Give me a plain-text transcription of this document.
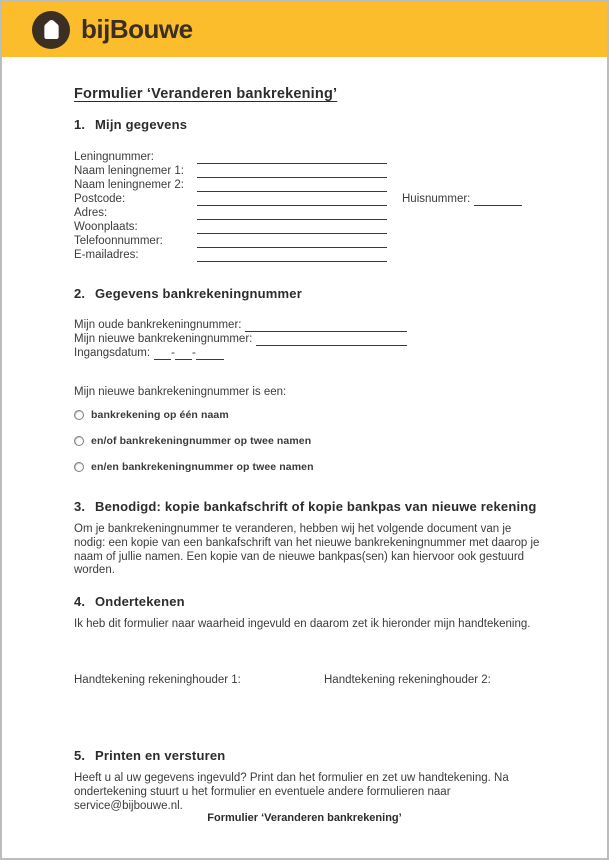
bijBouwe
Formulier ‘Veranderen bankrekening’
1. Mijn gegevens
Leningnummer:
Naam leningnemer 1:
Naam leningnemer 2:
Postcode:	Huisnummer:
Adres:
Woonplaats:
Telefoonnummer:
E-mailadres:
2. Gegevens bankrekeningnummer
Mijn oude bankrekeningnummer:
Mijn nieuwe bankrekeningnummer:
Ingangsdatum:	- -
Mijn nieuwe bankrekeningnummer is een:
bankrekening op één naam
en/of bankrekeningnummer op twee namen
en/en bankrekeningnummer op twee namen
3. Benodigd: kopie bankafschrift of kopie bankpas van nieuwe rekening

Om je bankrekeningnummer te veranderen, hebben wij het volgende document van je nodig: een kopie van een bankafschrift van het nieuwe bankrekeningnummer met daarop je naam of jullie namen. Een kopie van de nieuwe bankpas(sen) kan hiervoor ook gestuurd worden.

4. Ondertekenen

Ik heb dit formulier naar waarheid ingevuld en daarom zet ik hieronder mijn handtekening.

Handtekening rekeninghouder 1:	Handtekening rekeninghouder 2:
5. Printen en versturen

Heeft u al uw gegevens ingevuld? Print dan het formulier en zet uw handtekening. Na ondertekening stuurt u het formulier en eventuele andere formulieren naar service@bijbouwe.nl.

Formulier ‘Veranderen bankrekening’
